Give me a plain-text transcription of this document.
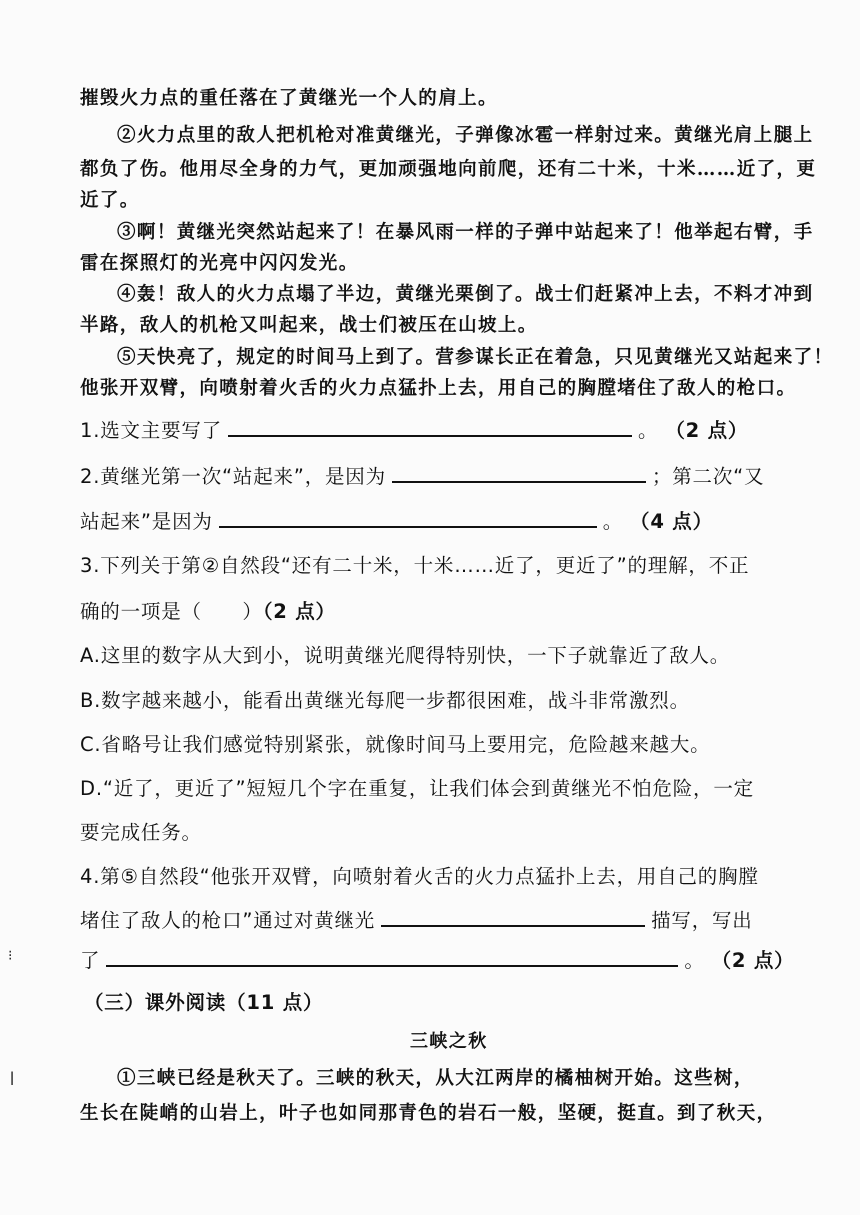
摧毁火力点的重任落在了黄继光一个人的肩上。
②火力点里的敌人把机枪对准黄继光，子弹像冰雹一样射过来。黄继光肩上腿上
都负了伤。他用尽全身的力气，更加顽强地向前爬，还有二十米，十米……近了，更
近了。
③啊！黄继光突然站起来了！在暴风雨一样的子弹中站起来了！他举起右臂，手
雷在探照灯的光亮中闪闪发光。
④轰！敌人的火力点塌了半边，黄继光栗倒了。战士们赶紧冲上去，不料才冲到
半路，敌人的机枪又叫起来，战士们被压在山坡上。
⑤天快亮了，规定的时间马上到了。营参谋长正在着急，只见黄继光又站起来了！
他张开双臂，向喷射着火舌的火力点猛扑上去，用自己的胸膛堵住了敌人的枪口。
1.选文主要写了	。 （2 点）
2.黄继光第一次“站起来”，是因为	；第二次“又
站起来”是因为	。 （4 点）
3.下列关于第②自然段“还有二十米，十米……近了，更近了”的理解，不正
确的一项是（　　）（2 点）
A.这里的数字从大到小，说明黄继光爬得特别快，一下子就靠近了敌人。
B.数字越来越小，能看出黄继光每爬一步都很困难，战斗非常激烈。
C.省略号让我们感觉特别紧张，就像时间马上要用完，危险越来越大。
D.“近了，更近了”短短几个字在重复，让我们体会到黄继光不怕危险，一定
要完成任务。
4.第⑤自然段“他张开双臂，向喷射着火舌的火力点猛扑上去，用自己的胸膛
堵住了敌人的枪口”通过对黄继光	描写，写出
了	。 （2 点）
（三）课外阅读（11 点）
三峡之秋
①三峡已经是秋天了。三峡的秋天，从大江两岸的橘柚树开始。这些树，
生长在陡峭的山岩上，叶子也如同那青色的岩石一般，坚硬，挺直。到了秋天，
⁝
ǀ
